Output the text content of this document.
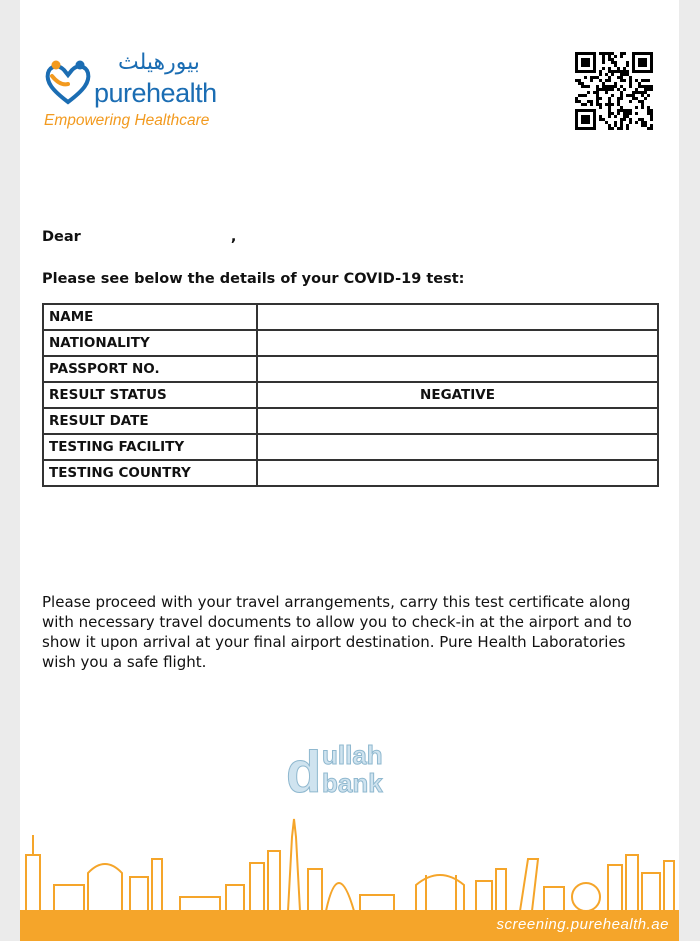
بيورهيلث
purehealth
Empowering Healthcare
Dear	,
Please see below the details of your COVID-19 test:
NAME	
NATIONALITY	
PASSPORT NO.	
RESULT STATUS	NEGATIVE
RESULT DATE	
TESTING FACILITY	
TESTING COUNTRY	
Please proceed with your travel arrangements, carry this test certificate along with necessary travel documents to allow you to check-in at the airport and to show it upon arrival at your final airport destination. Pure Health Laboratories wish you a safe flight.
d ullah
bank
screening.purehealth.ae
